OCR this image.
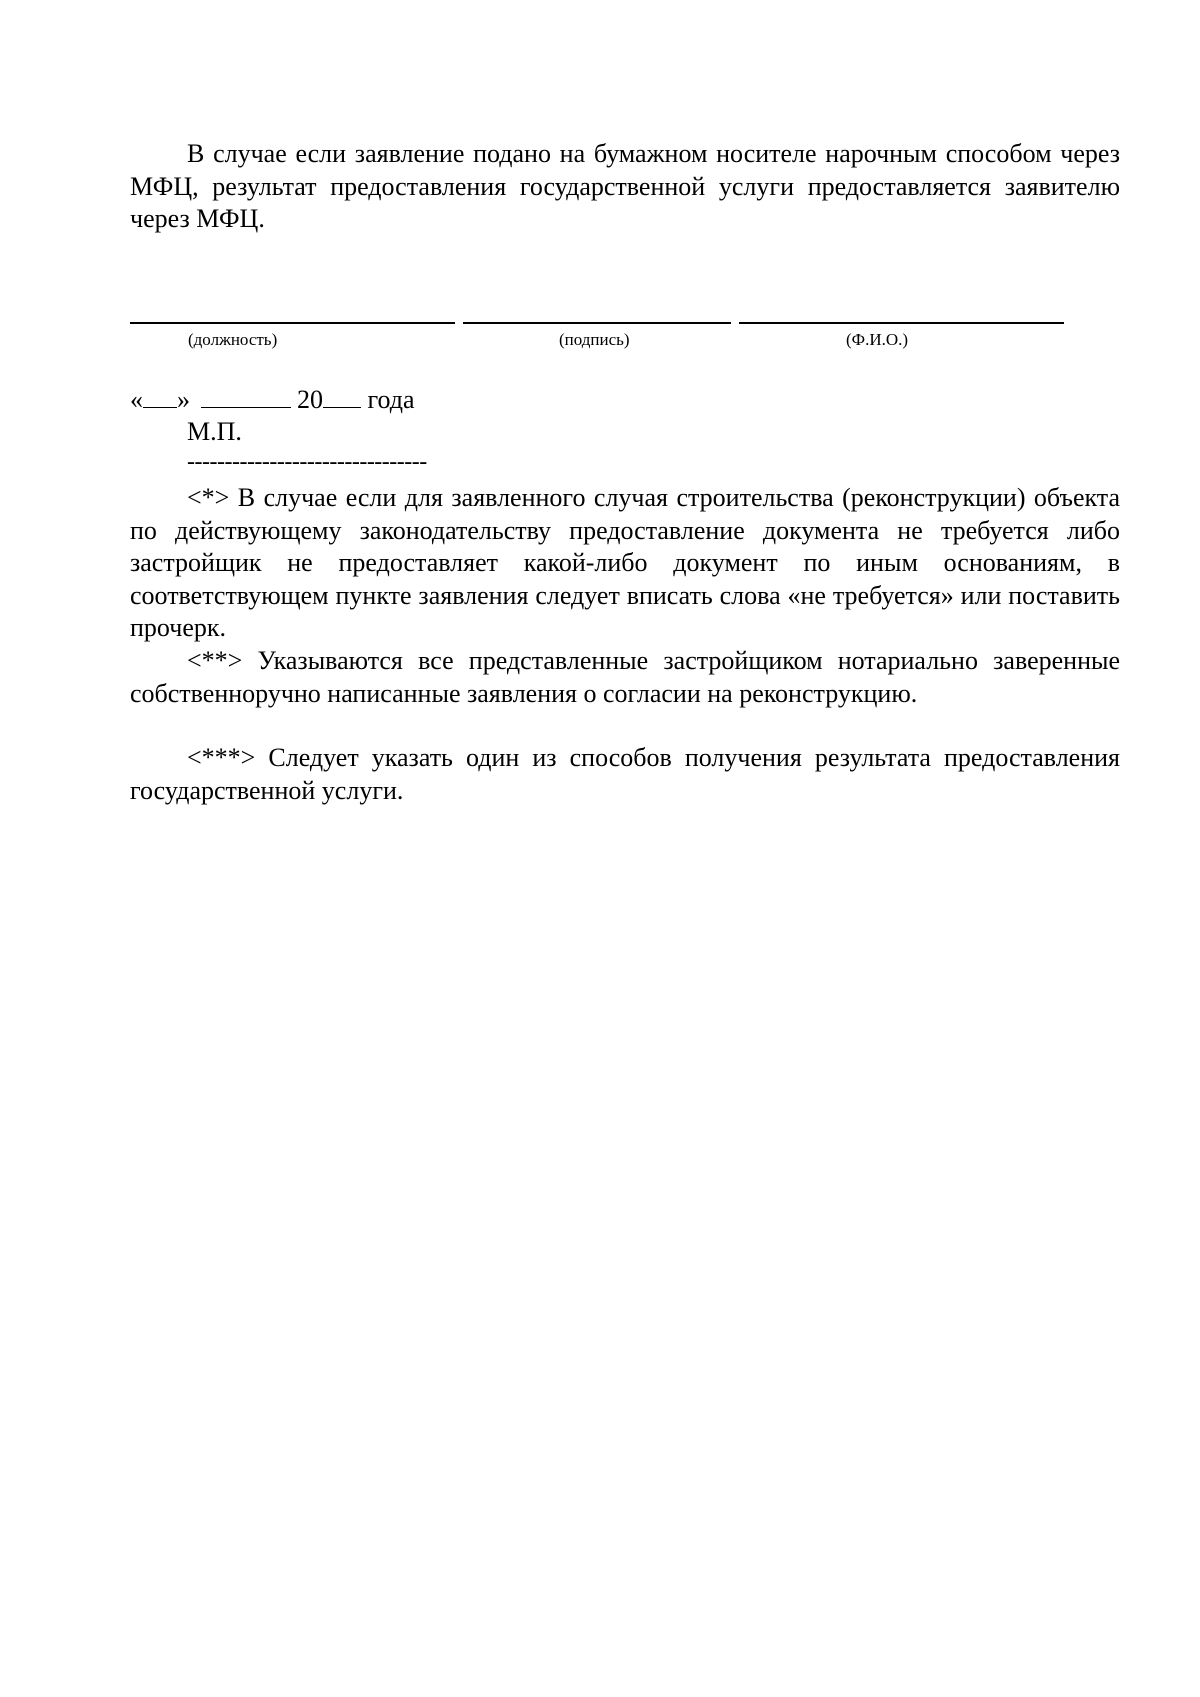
В случае если заявление подано на бумажном носителе нарочным способом через МФЦ, результат предоставления государственной услуги предоставляется заявителю через МФЦ.

(должность)	(подпись)	(Ф.И.О.)
« »	20 года
М.П.
--------------------------------

<*> В случае если для заявленного случая строительства (реконструкции) объекта по действующему законодательству предоставление документа не требуется либо застройщик не предоставляет какой-либо документ по иным основаниям, в соответствующем пункте заявления следует вписать слова «не требуется» или поставить прочерк.

<**> Указываются все представленные застройщиком нотариально заверенные собственноручно написанные заявления о согласии на реконструкцию.

<***> Следует указать один из способов получения результата предоставления государственной услуги.
